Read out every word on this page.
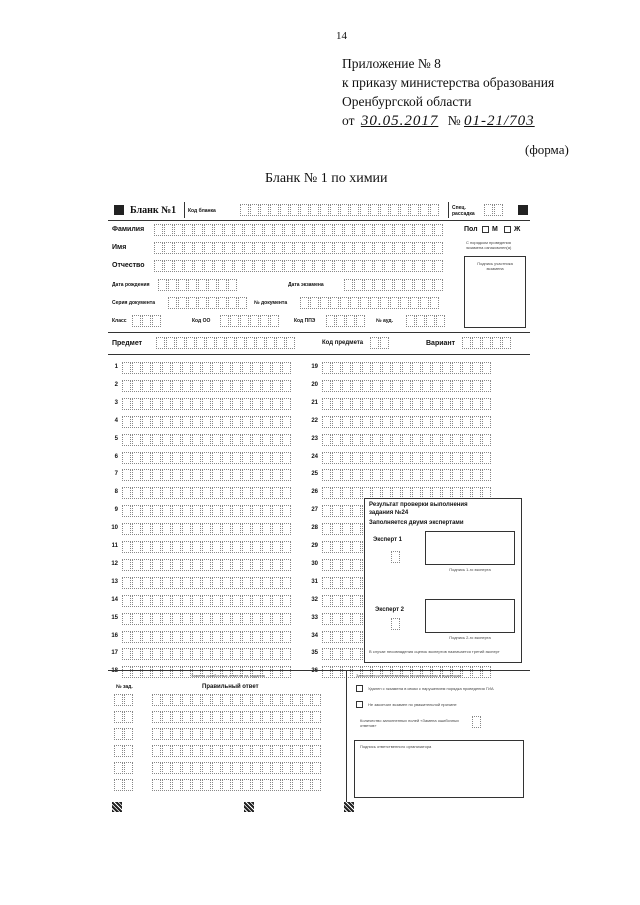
14
Приложение № 8
к приказу министерства образования
Оренбургской области
от 30.05.2017 № 01-21/703
(форма)
Бланк № 1 по химии
Бланк №1 Код бланка	Спец. рассадка
Фамилия	Пол М Ж
Имя
С порядком проведения экзамена ознакомлен(а)
Отчество	Подпись участника экзамена
Дата рождения	Дата экзамена
Серия документа	№ документа
Класс	Код ОО	Код ППЭ	№ ауд.
Предмет	Код предмета	Вариант
1
2
3
4
5
6
7
8
9
10
11
12
13
14
15
16
17
18
19
20
21
22
23
24
25
26
27
28
29
30
31
32
33
34
35
36
Результат проверки выполнения
задания №24
Заполняется двумя экспертами
Эксперт 1
Подпись 1-го эксперта
Эксперт 2
Подпись 2-го эксперта
В случае несовпадения оценок экспертов назначается третий эксперт
Замена ошибочных ответов на задания
№ зад.	Правильный ответ
Заполняется ответственным организатором в аудитории
Удален с экзамена в связи с нарушением порядка проведения ГИА
Не закончил экзамен по уважительной причине
Количество заполненных полей «Замена ошибочных ответов»
Подпись ответственного организатора
